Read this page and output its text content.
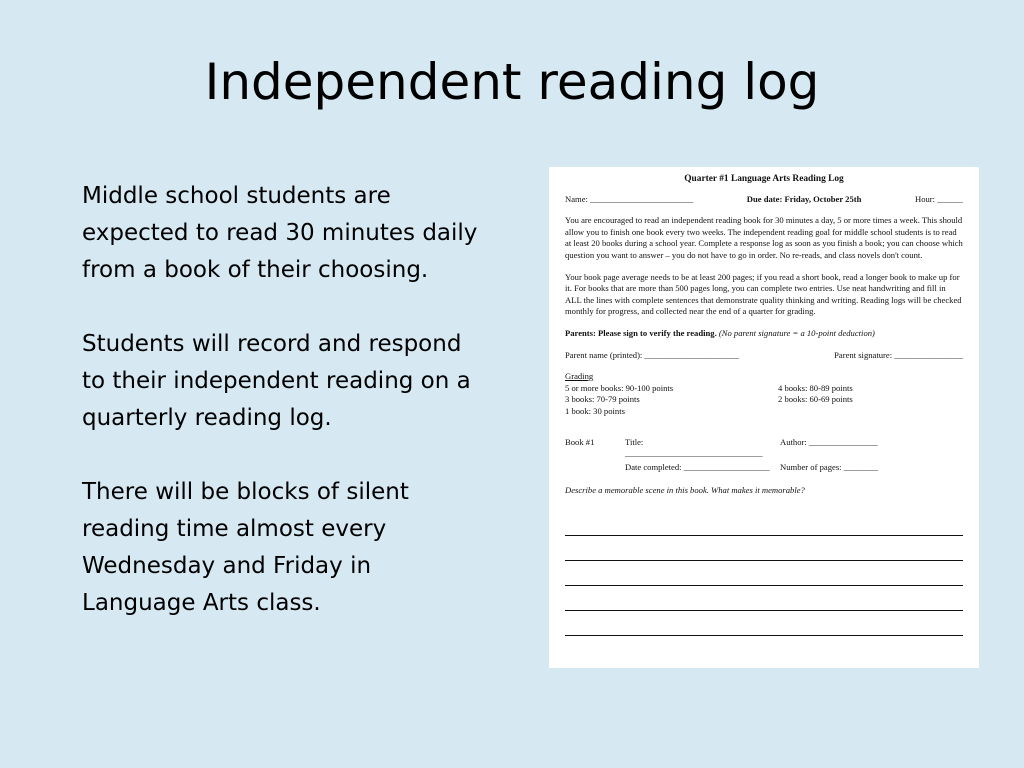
Independent reading log

Middle school students are
expected to read 30 minutes daily
from a book of their choosing.

Students will record and respond
to their independent reading on a
quarterly reading log.

There will be blocks of silent
reading time almost every
Wednesday and Friday in
Language Arts class.

Quarter #1 Language Arts Reading Log
Name: ________________________	Due date: Friday, October 25th	Hour: ______
You are encouraged to read an independent reading book for 30 minutes a day, 5 or more times a week. This should allow you to finish one book every two weeks. The independent reading goal for middle school students is to read at least 20 books during a school year. Complete a response log as soon as you finish a book; you can choose which question you want to answer – you do not have to go in order. No re-reads, and class novels don't count.
Your book page average needs to be at least 200 pages; if you read a short book, read a longer book to make up for it. For books that are more than 500 pages long, you can complete two entries. Use neat handwriting and fill in ALL the lines with complete sentences that demonstrate quality thinking and writing. Reading logs will be checked monthly for progress, and collected near the end of a quarter for grading.
Parents: Please sign to verify the reading. (No parent signature = a 10-point deduction)
Parent name (printed): ______________________	Parent signature: ________________
Grading
5 or more books: 90-100 points	4 books: 80-89 points
3 books: 70-79 points	2 books: 60-69 points
1 book: 30 points
Book #1	Title: ________________________________
Author: ________________
Date completed: ____________________	Number of pages: ________
Describe a memorable scene in this book. What makes it memorable?
